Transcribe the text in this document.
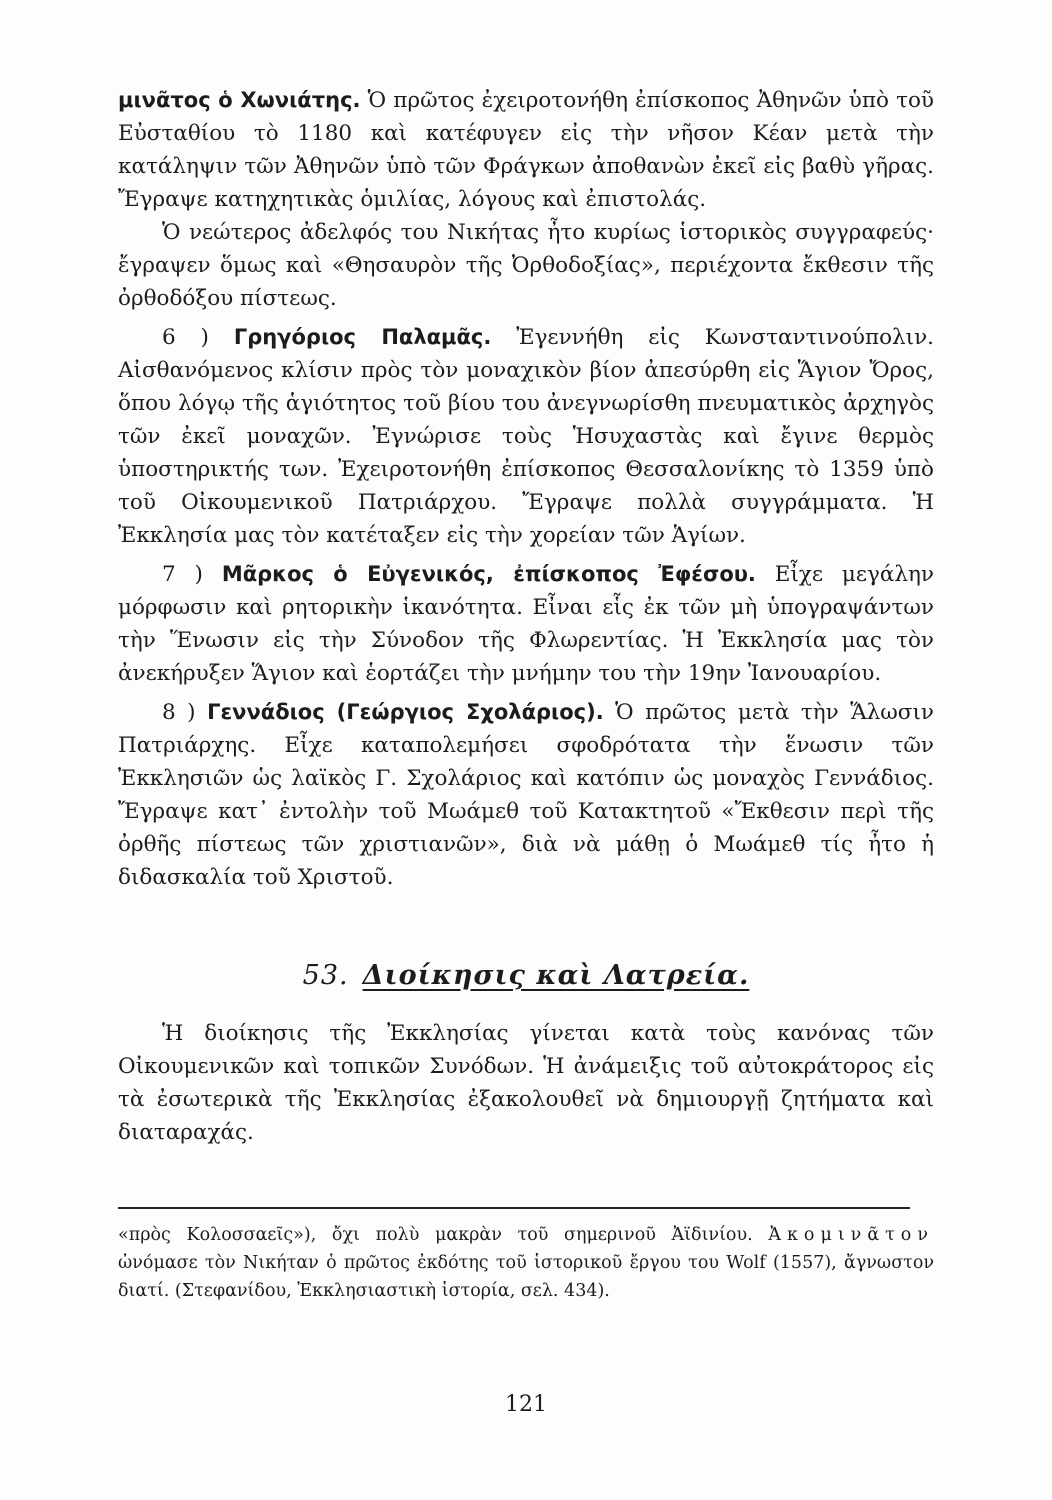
μινᾶτος ὁ Χωνιάτης. Ὁ πρῶτος ἐχειροτονήθη ἐπίσκοπος Ἀθηνῶν ὑπὸ τοῦ Εὐσταθίου τὸ 1180 καὶ κατέφυγεν εἰς τὴν νῆσον Κέαν μετὰ τὴν κατάληψιν τῶν Ἀθηνῶν ὑπὸ τῶν Φράγκων ἀποθανὼν ἐκεῖ εἰς βαθὺ γῆρας. Ἔγραψε κατηχητικὰς ὁμιλίας, λόγους καὶ ἐπιστολάς.

Ὁ νεώτερος ἀδελφός του Νικήτας ἦτο κυρίως ἱστορικὸς συγγραφεύς· ἔγραψεν ὅμως καὶ «Θησαυρὸν τῆς Ὀρθοδοξίας», περιέχοντα ἔκθεσιν τῆς ὀρθοδόξου πίστεως.

6 ) Γρηγόριος Παλαμᾶς. Ἐγεννήθη εἰς Κωνσταντινούπολιν. Αἰσθανόμενος κλίσιν πρὸς τὸν μοναχικὸν βίον ἀπεσύρθη εἰς Ἅγιον Ὄρος, ὅπου λόγῳ τῆς ἁγιότητος τοῦ βίου του ἀνεγνωρίσθη πνευματικὸς ἀρχηγὸς τῶν ἐκεῖ μοναχῶν. Ἐγνώρισε τοὺς Ἡσυχαστὰς καὶ ἔγινε θερμὸς ὑποστηρικτής των. Ἐχειροτονήθη ἐπίσκοπος Θεσσαλονίκης τὸ 1359 ὑπὸ τοῦ Οἰκουμενικοῦ Πατριάρχου. Ἔγραψε πολλὰ συγγράμματα. Ἡ Ἐκκλησία μας τὸν κατέταξεν εἰς τὴν χορείαν τῶν Ἁγίων.

7 ) Μᾶρκος ὁ Εὐγενικός, ἐπίσκοπος Ἐφέσου. Εἶχε μεγάλην μόρφωσιν καὶ ρητορικὴν ἱκανότητα. Εἶναι εἷς ἐκ τῶν μὴ ὑπογραψάντων τὴν Ἕνωσιν εἰς τὴν Σύνοδον τῆς Φλωρεντίας. Ἡ Ἐκκλησία μας τὸν ἀνεκήρυξεν Ἅγιον καὶ ἑορτάζει τὴν μνήμην του τὴν 19ην Ἰανουαρίου.

8 ) Γεννάδιος (Γεώργιος Σχολάριος). Ὁ πρῶτος μετὰ τὴν Ἅλωσιν Πατριάρχης. Εἶχε καταπολεμήσει σφοδρότατα τὴν ἕνωσιν τῶν Ἐκκλησιῶν ὡς λαϊκὸς Γ. Σχολάριος καὶ κατόπιν ὡς μοναχὸς Γεννάδιος. Ἔγραψε κατ᾽ ἐντολὴν τοῦ Μωάμεθ τοῦ Κατακτητοῦ «Ἔκθεσιν περὶ τῆς ὀρθῆς πίστεως τῶν χριστιανῶν», διὰ νὰ μάθῃ ὁ Μωάμεθ τίς ἦτο ἡ διδασκαλία τοῦ Χριστοῦ.

53. Διοίκησις καὶ Λατρεία.

Ἡ διοίκησις τῆς Ἐκκλησίας γίνεται κατὰ τοὺς κανόνας τῶν Οἰκουμενικῶν καὶ τοπικῶν Συνόδων. Ἡ ἀνάμειξις τοῦ αὐτοκράτορος εἰς τὰ ἐσωτερικὰ τῆς Ἐκκλησίας ἐξακολουθεῖ νὰ δημιουργῇ ζητήματα καὶ διαταραχάς.

«πρὸς Κολοσσαεῖς»), ὄχι πολὺ μακρὰν τοῦ σημερινοῦ Ἀϊδινίου. Ἀκομινᾶτον ὠνόμασε τὸν Νικήταν ὁ πρῶτος ἐκδότης τοῦ ἱστορικοῦ ἔργου του Wolf (1557), ἄγνωστον διατί. (Στεφανίδου, Ἐκκλησιαστικὴ ἱστορία, σελ. 434).

121
